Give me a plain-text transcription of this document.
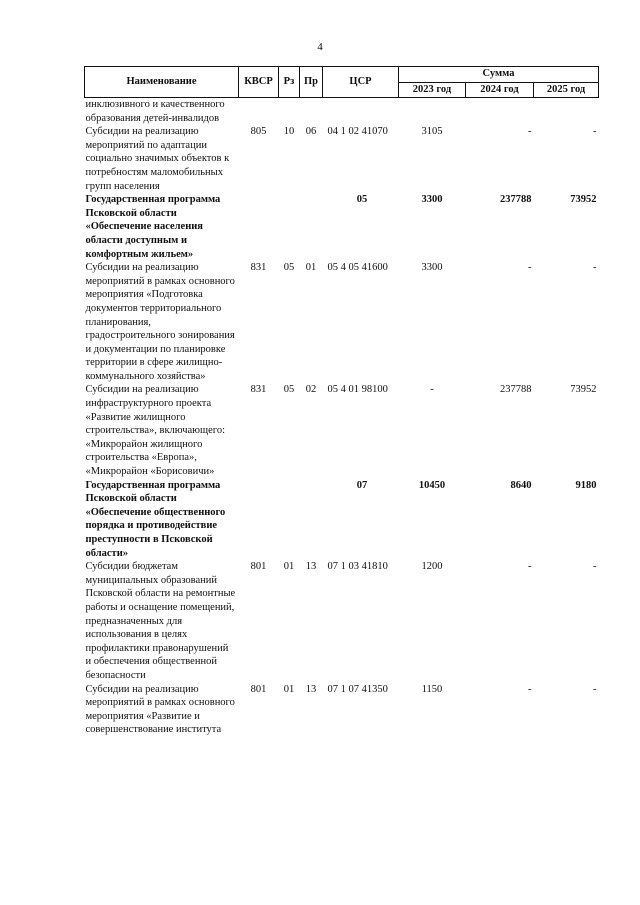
4
Наименование	КВСР	Рз	Пр	ЦСР	Сумма		
					2023 год	2024 год	2025 год
инклюзивного и качественного образования детей-инвалидов							
Субсидии на реализацию мероприятий по адаптации социально значимых объектов к потребностям маломобильных групп населения	805	10	06	04 1 02 41070	3105	-	-
Государственная программа Псковской области «Обеспечение населения области доступным и комфортным жильем»				05	3300	237788	73952
Субсидии на реализацию мероприятий в рамках основного мероприятия «Подготовка документов территориального планирования, градостроительного зонирования и документации по планировке территории в сфере жилищно-коммунального хозяйства»	831	05	01	05 4 05 41600	3300	-	-
Субсидии на реализацию инфраструктурного проекта «Развитие жилищного строительства», включающего: «Микрорайон жилищного строительства «Европа», «Микрорайон «Борисовичи»	831	05	02	05 4 01 98100	-	237788	73952
Государственная программа Псковской области «Обеспечение общественного порядка и противодействие преступности в Псковской области»				07	10450	8640	9180
Субсидии бюджетам муниципальных образований Псковской области на ремонтные работы и оснащение помещений, предназначенных для использования в целях профилактики правонарушений и обеспечения общественной безопасности	801	01	13	07 1 03 41810	1200	-	-
Субсидии на реализацию мероприятий в рамках основного мероприятия «Развитие и совершенствование института	801	01	13	07 1 07 41350	1150	-	-
